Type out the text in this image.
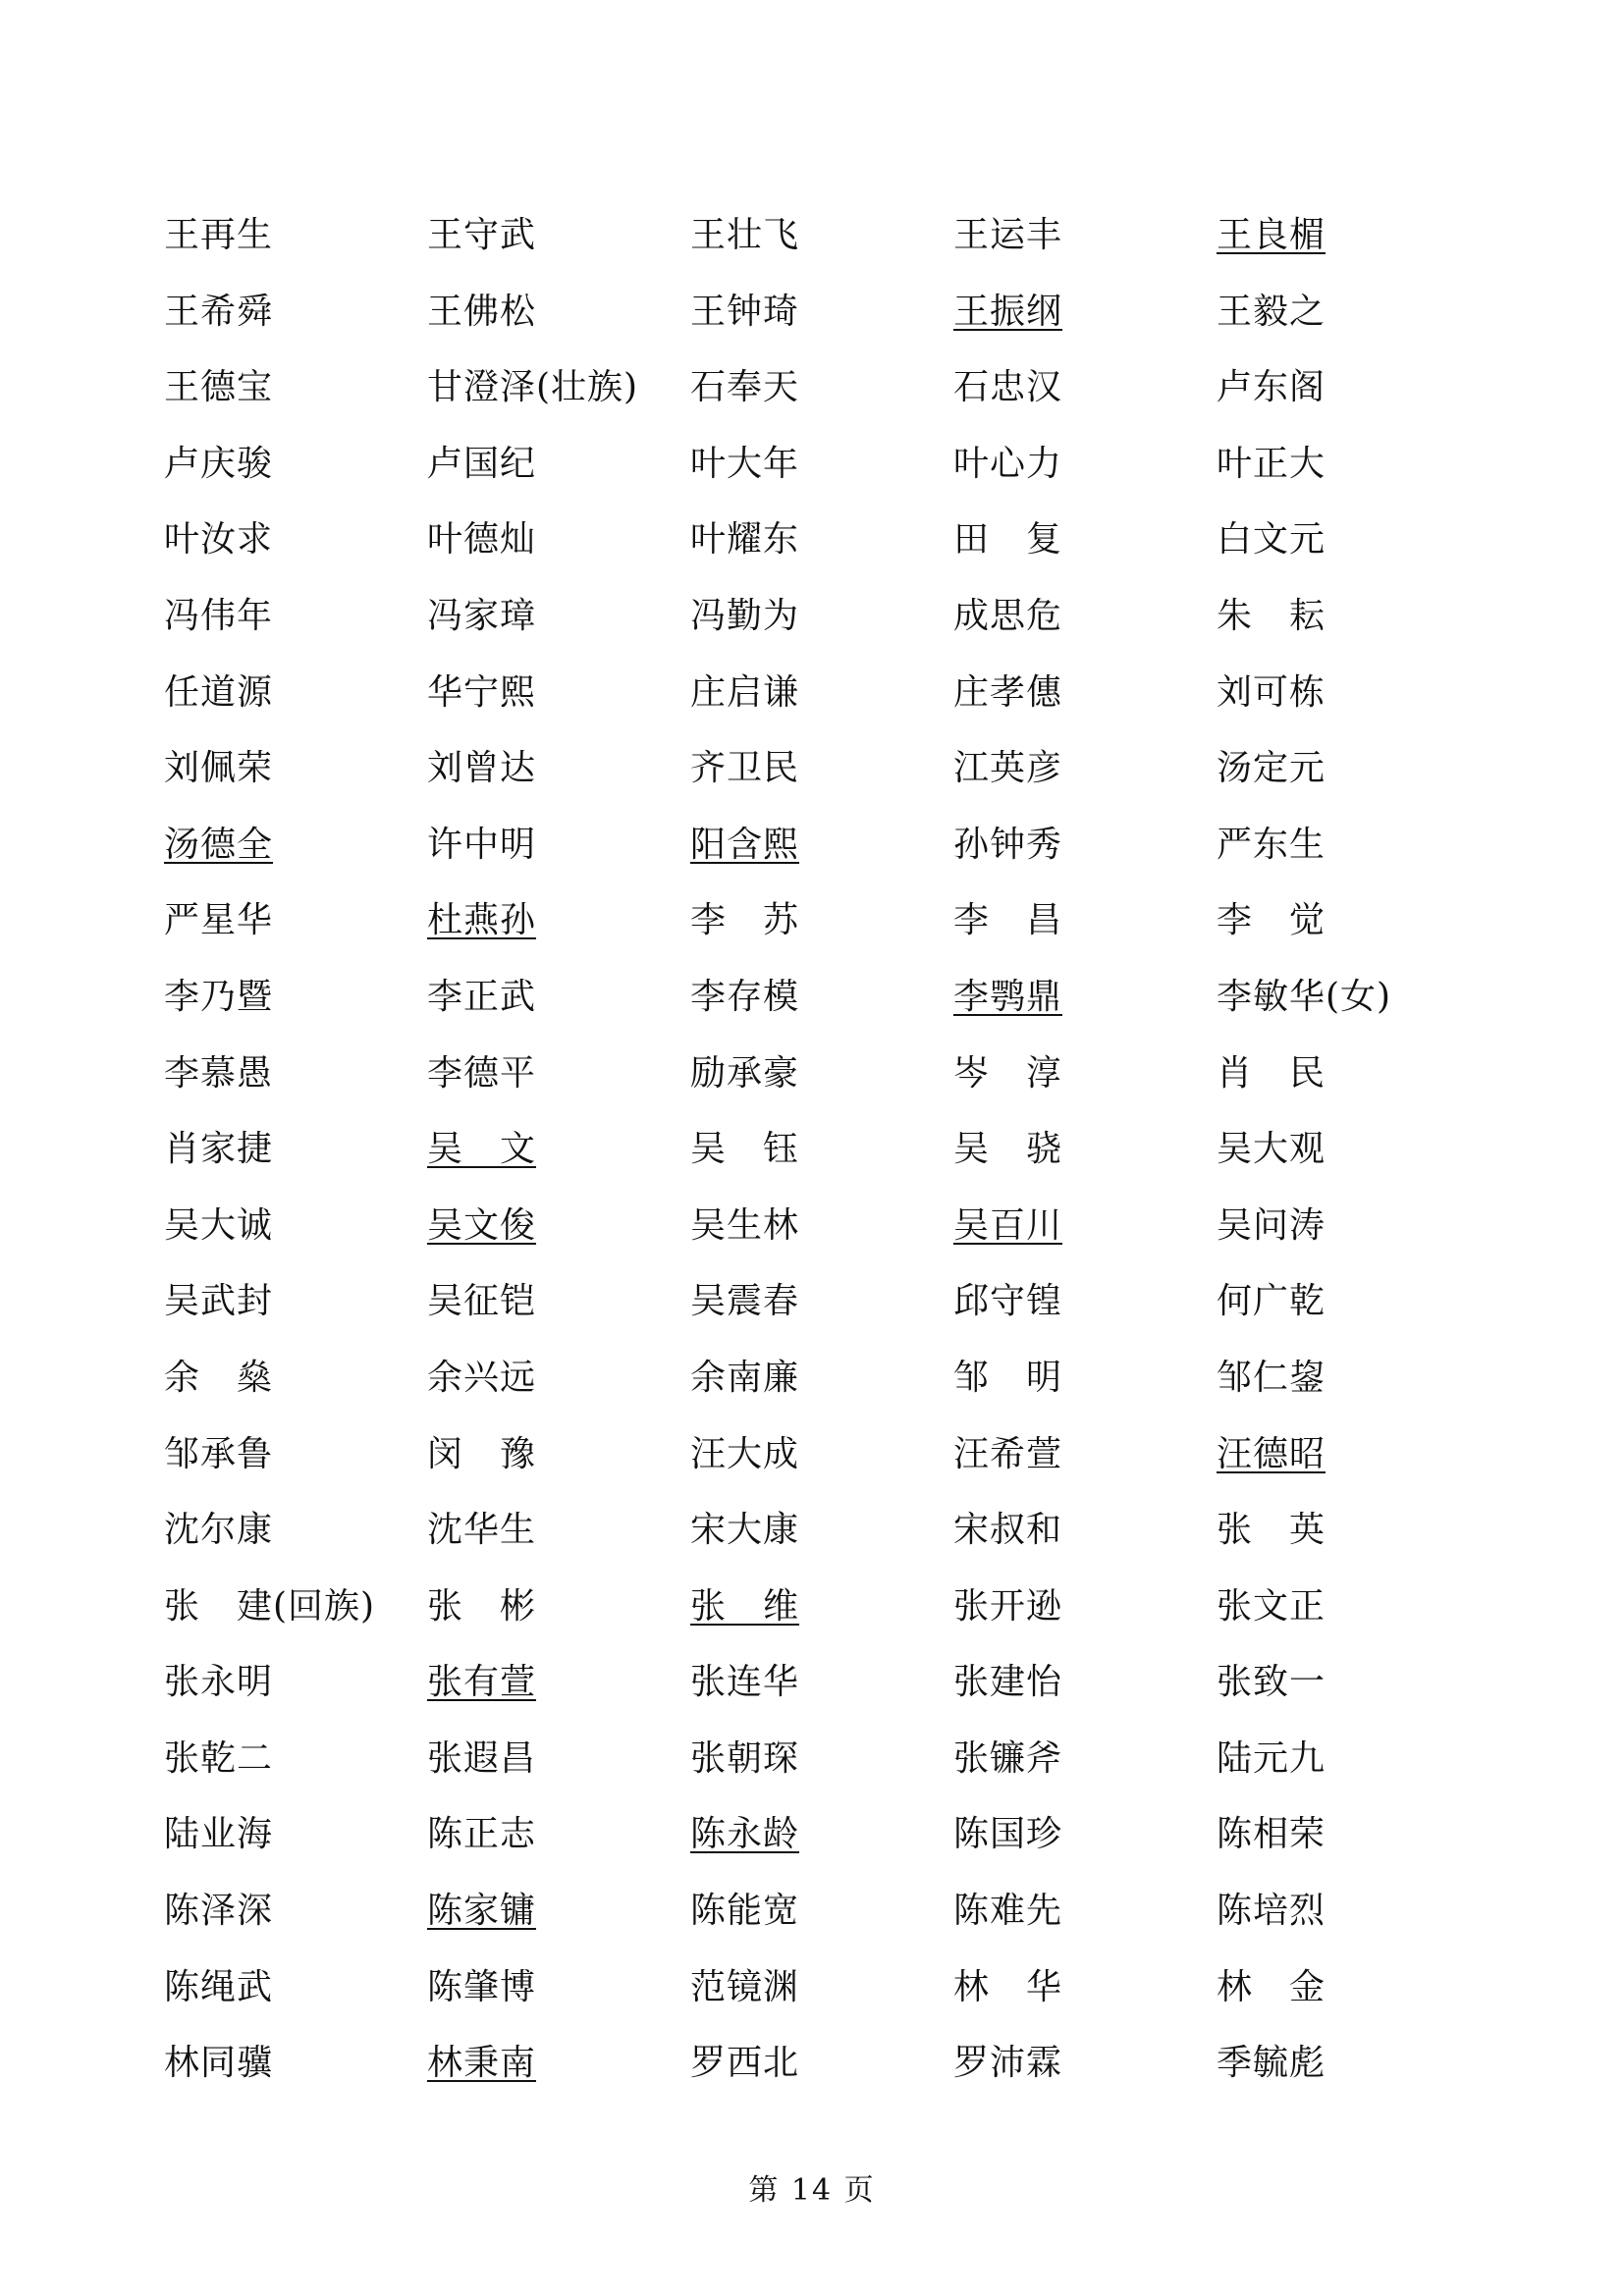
王再生	王守武	王壮飞	王运丰	王良楣
王希舜	王佛松	王钟琦	王振纲	王毅之
王德宝	甘澄泽(壮族)	石奉天	石忠汉	卢东阁
卢庆骏	卢国纪	叶大年	叶心力	叶正大
叶汝求	叶德灿	叶耀东	田　复	白文元
冯伟年	冯家璋	冯勤为	成思危	朱　耘
任道源	华宁熙	庄启谦	庄孝僡	刘可栋
刘佩荣	刘曾达	齐卫民	江英彦	汤定元
汤德全	许中明	阳含熙	孙钟秀	严东生
严星华	杜燕孙	李　苏	李　昌	李　觉
李乃暨	李正武	李存模	李鹗鼎	李敏华(女)
李慕愚	李德平	励承豪	岑　淳	肖　民
肖家捷	吴　文	吴　钰	吴　骁	吴大观
吴大诚	吴文俊	吴生林	吴百川	吴问涛
吴武封	吴征铠	吴震春	邱守锽	何广乾
余　燊	余兴远	余南廉	邹　明	邹仁鋆
邹承鲁	闵　豫	汪大成	汪希萱	汪德昭
沈尔康	沈华生	宋大康	宋叔和	张　英
张　建(回族)	张　彬	张　维	张开逊	张文正
张永明	张有萱	张连华	张建怡	张致一
张乾二	张遐昌	张朝琛	张镰斧	陆元九
陆业海	陈正志	陈永龄	陈国珍	陈相荣
陈泽深	陈家镛	陈能宽	陈难先	陈培烈
陈绳武	陈肇博	范镜渊	林　华	林　金
林同骥	林秉南	罗西北	罗沛霖	季毓彪
第 14 页
